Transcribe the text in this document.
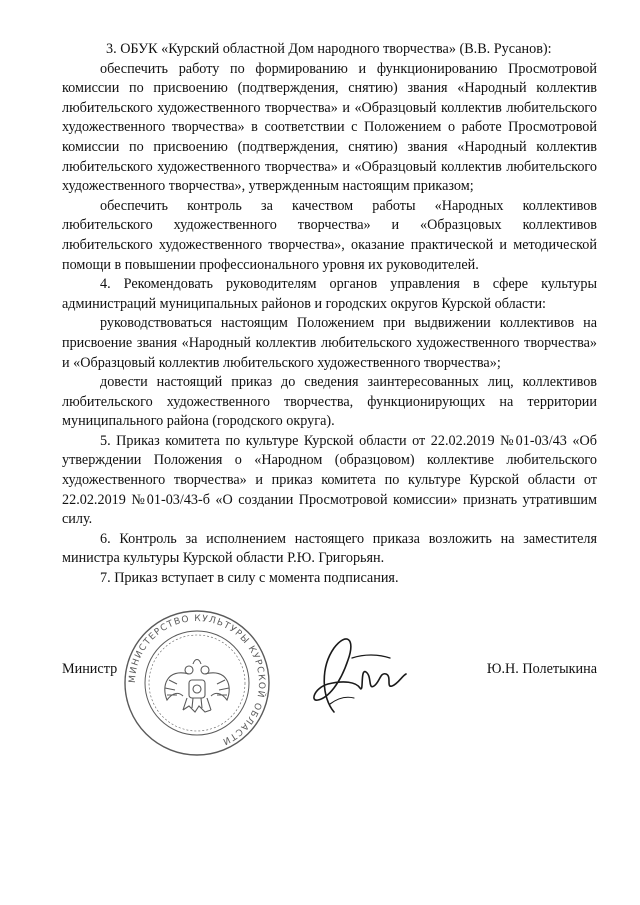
3. ОБУК «Курский областной Дом народного творчества» (В.В. Русанов):

обеспечить работу по формированию и функционированию Просмотровой комиссии по присвоению (подтверждения, снятию) звания «Народный коллектив любительского художественного творчества» и «Образцовый коллектив любительского художественного творчества» в соответствии с Положением о работе Просмотровой комиссии по присвоению (подтверждения, снятию) звания «Народный коллектив любительского художественного творчества» и «Образцовый коллектив любительского художественного творчества», утвержденным настоящим приказом;

обеспечить контроль за качеством работы «Народных коллективов любительского художественного творчества» и «Образцовых коллективов любительского художественного творчества», оказание практической и методической помощи в повышении профессионального уровня их руководителей.

4. Рекомендовать руководителям органов управления в сфере культуры администраций муниципальных районов и городских округов Курской области:

руководствоваться настоящим Положением при выдвижении коллективов на присвоение звания «Народный коллектив любительского художественного творчества» и «Образцовый коллектив любительского художественного творчества»;

довести настоящий приказ до сведения заинтересованных лиц, коллективов любительского художественного творчества, функционирующих на территории муниципального района (городского округа).

5. Приказ комитета по культуре Курской области от 22.02.2019 №01-03/43 «Об утверждении Положения о «Народном (образцовом) коллективе любительского художественного творчества» и приказ комитета по культуре Курской области от 22.02.2019 №01-03/43-б «О создании Просмотровой комиссии» признать утратившим силу.

6. Контроль за исполнением настоящего приказа возложить на заместителя министра культуры Курской области Р.Ю. Григорьян.

7. Приказ вступает в силу с момента подписания.

Министр
МИНИСТЕРСТВО КУЛЬТУРЫ КУРСКОЙ ОБЛАСТИ
Ю.Н. Полетыкина
